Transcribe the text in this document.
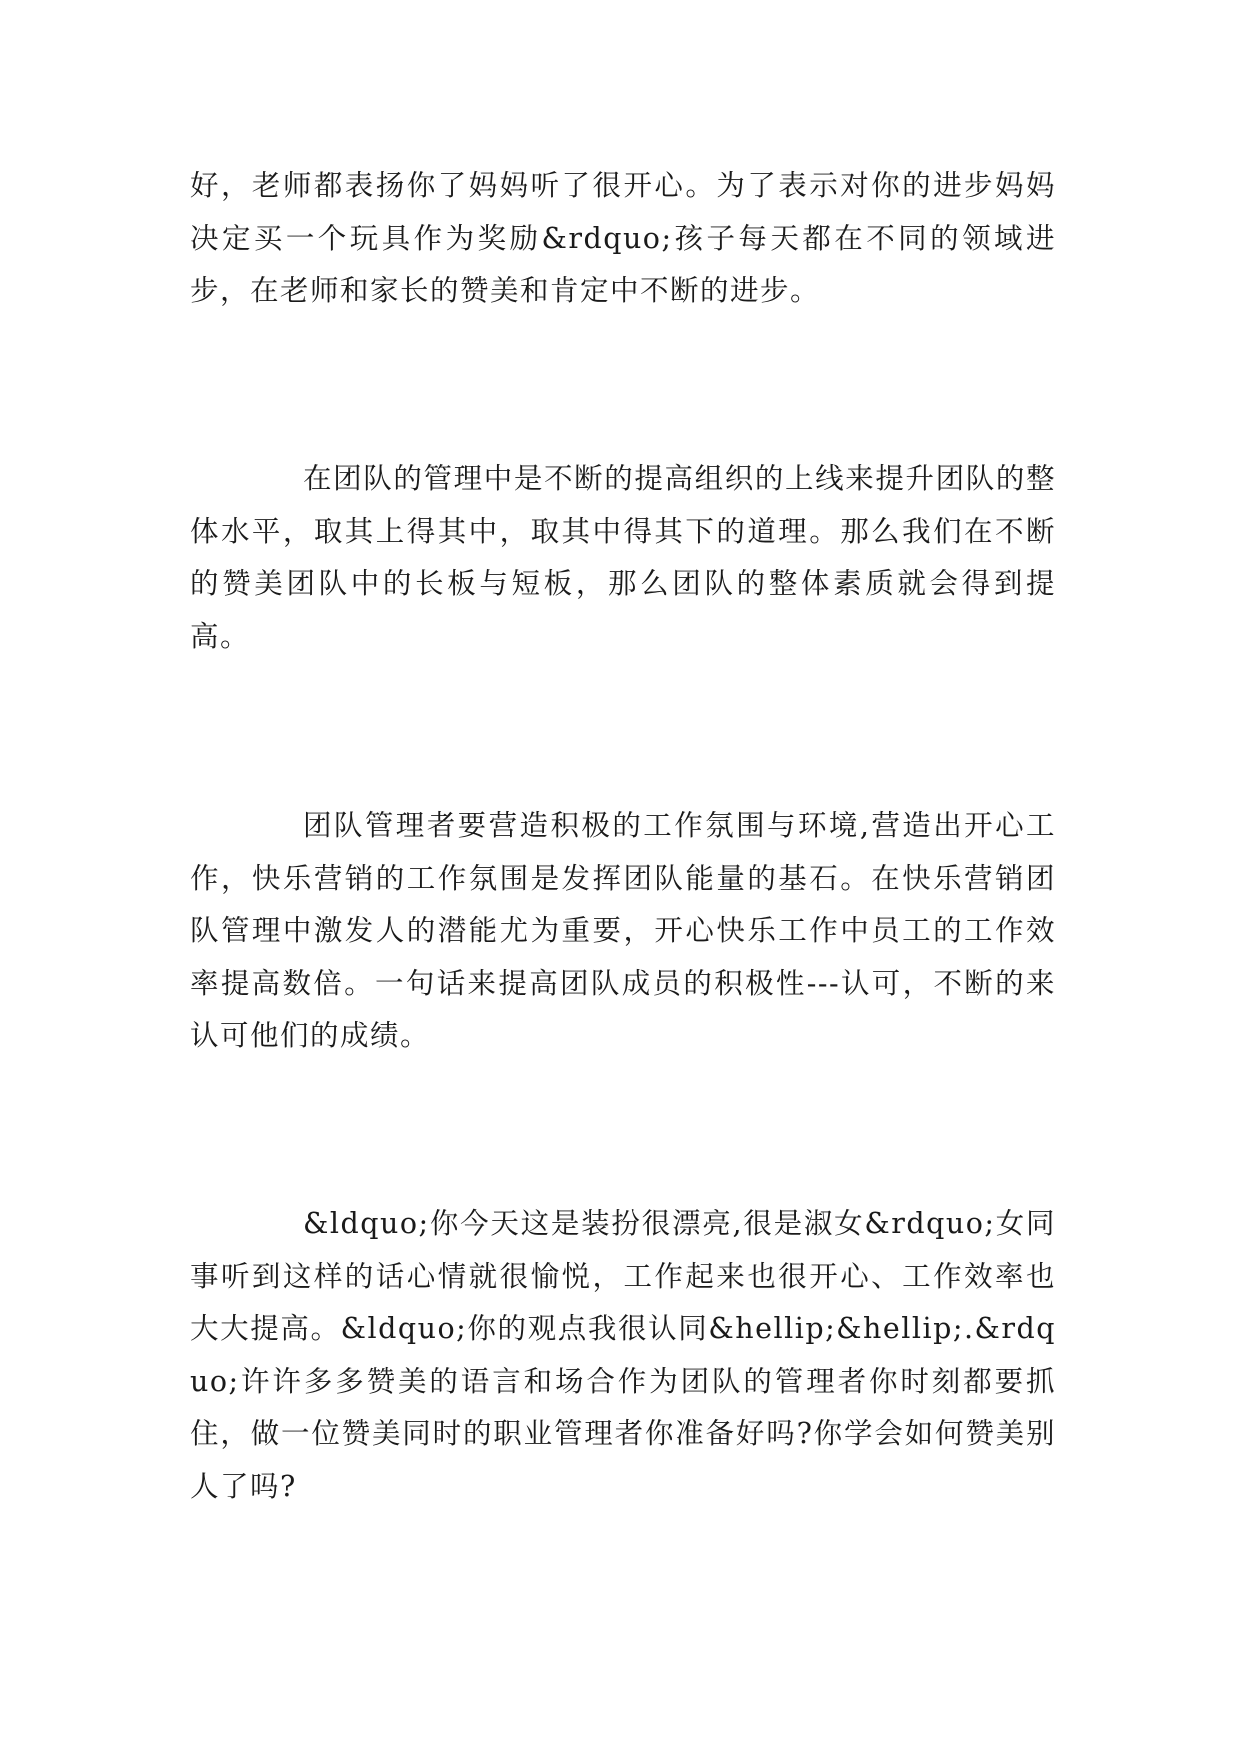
好，老师都表扬你了妈妈听了很开心。为了表示对你的进步妈妈决定买一个玩具作为奖励&rdquo;孩子每天都在不同的领域进步，在老师和家长的赞美和肯定中不断的进步。

在团队的管理中是不断的提高组织的上线来提升团队的整体水平，取其上得其中，取其中得其下的道理。那么我们在不断的赞美团队中的长板与短板，那么团队的整体素质就会得到提高。

团队管理者要营造积极的工作氛围与环境,营造出开心工作，快乐营销的工作氛围是发挥团队能量的基石。在快乐营销团队管理中激发人的潜能尤为重要，开心快乐工作中员工的工作效率提高数倍。一句话来提高团队成员的积极性---认可，不断的来认可他们的成绩。

&ldquo;你今天这是装扮很漂亮,很是淑女&rdquo;女同事听到这样的话心情就很愉悦，工作起来也很开心、工作效率也大大提高。&ldquo;你的观点我很认同&hellip;&hellip;.&rdquo;许许多多赞美的语言和场合作为团队的管理者你时刻都要抓住，做一位赞美同时的职业管理者你准备好吗?你学会如何赞美别人了吗?
